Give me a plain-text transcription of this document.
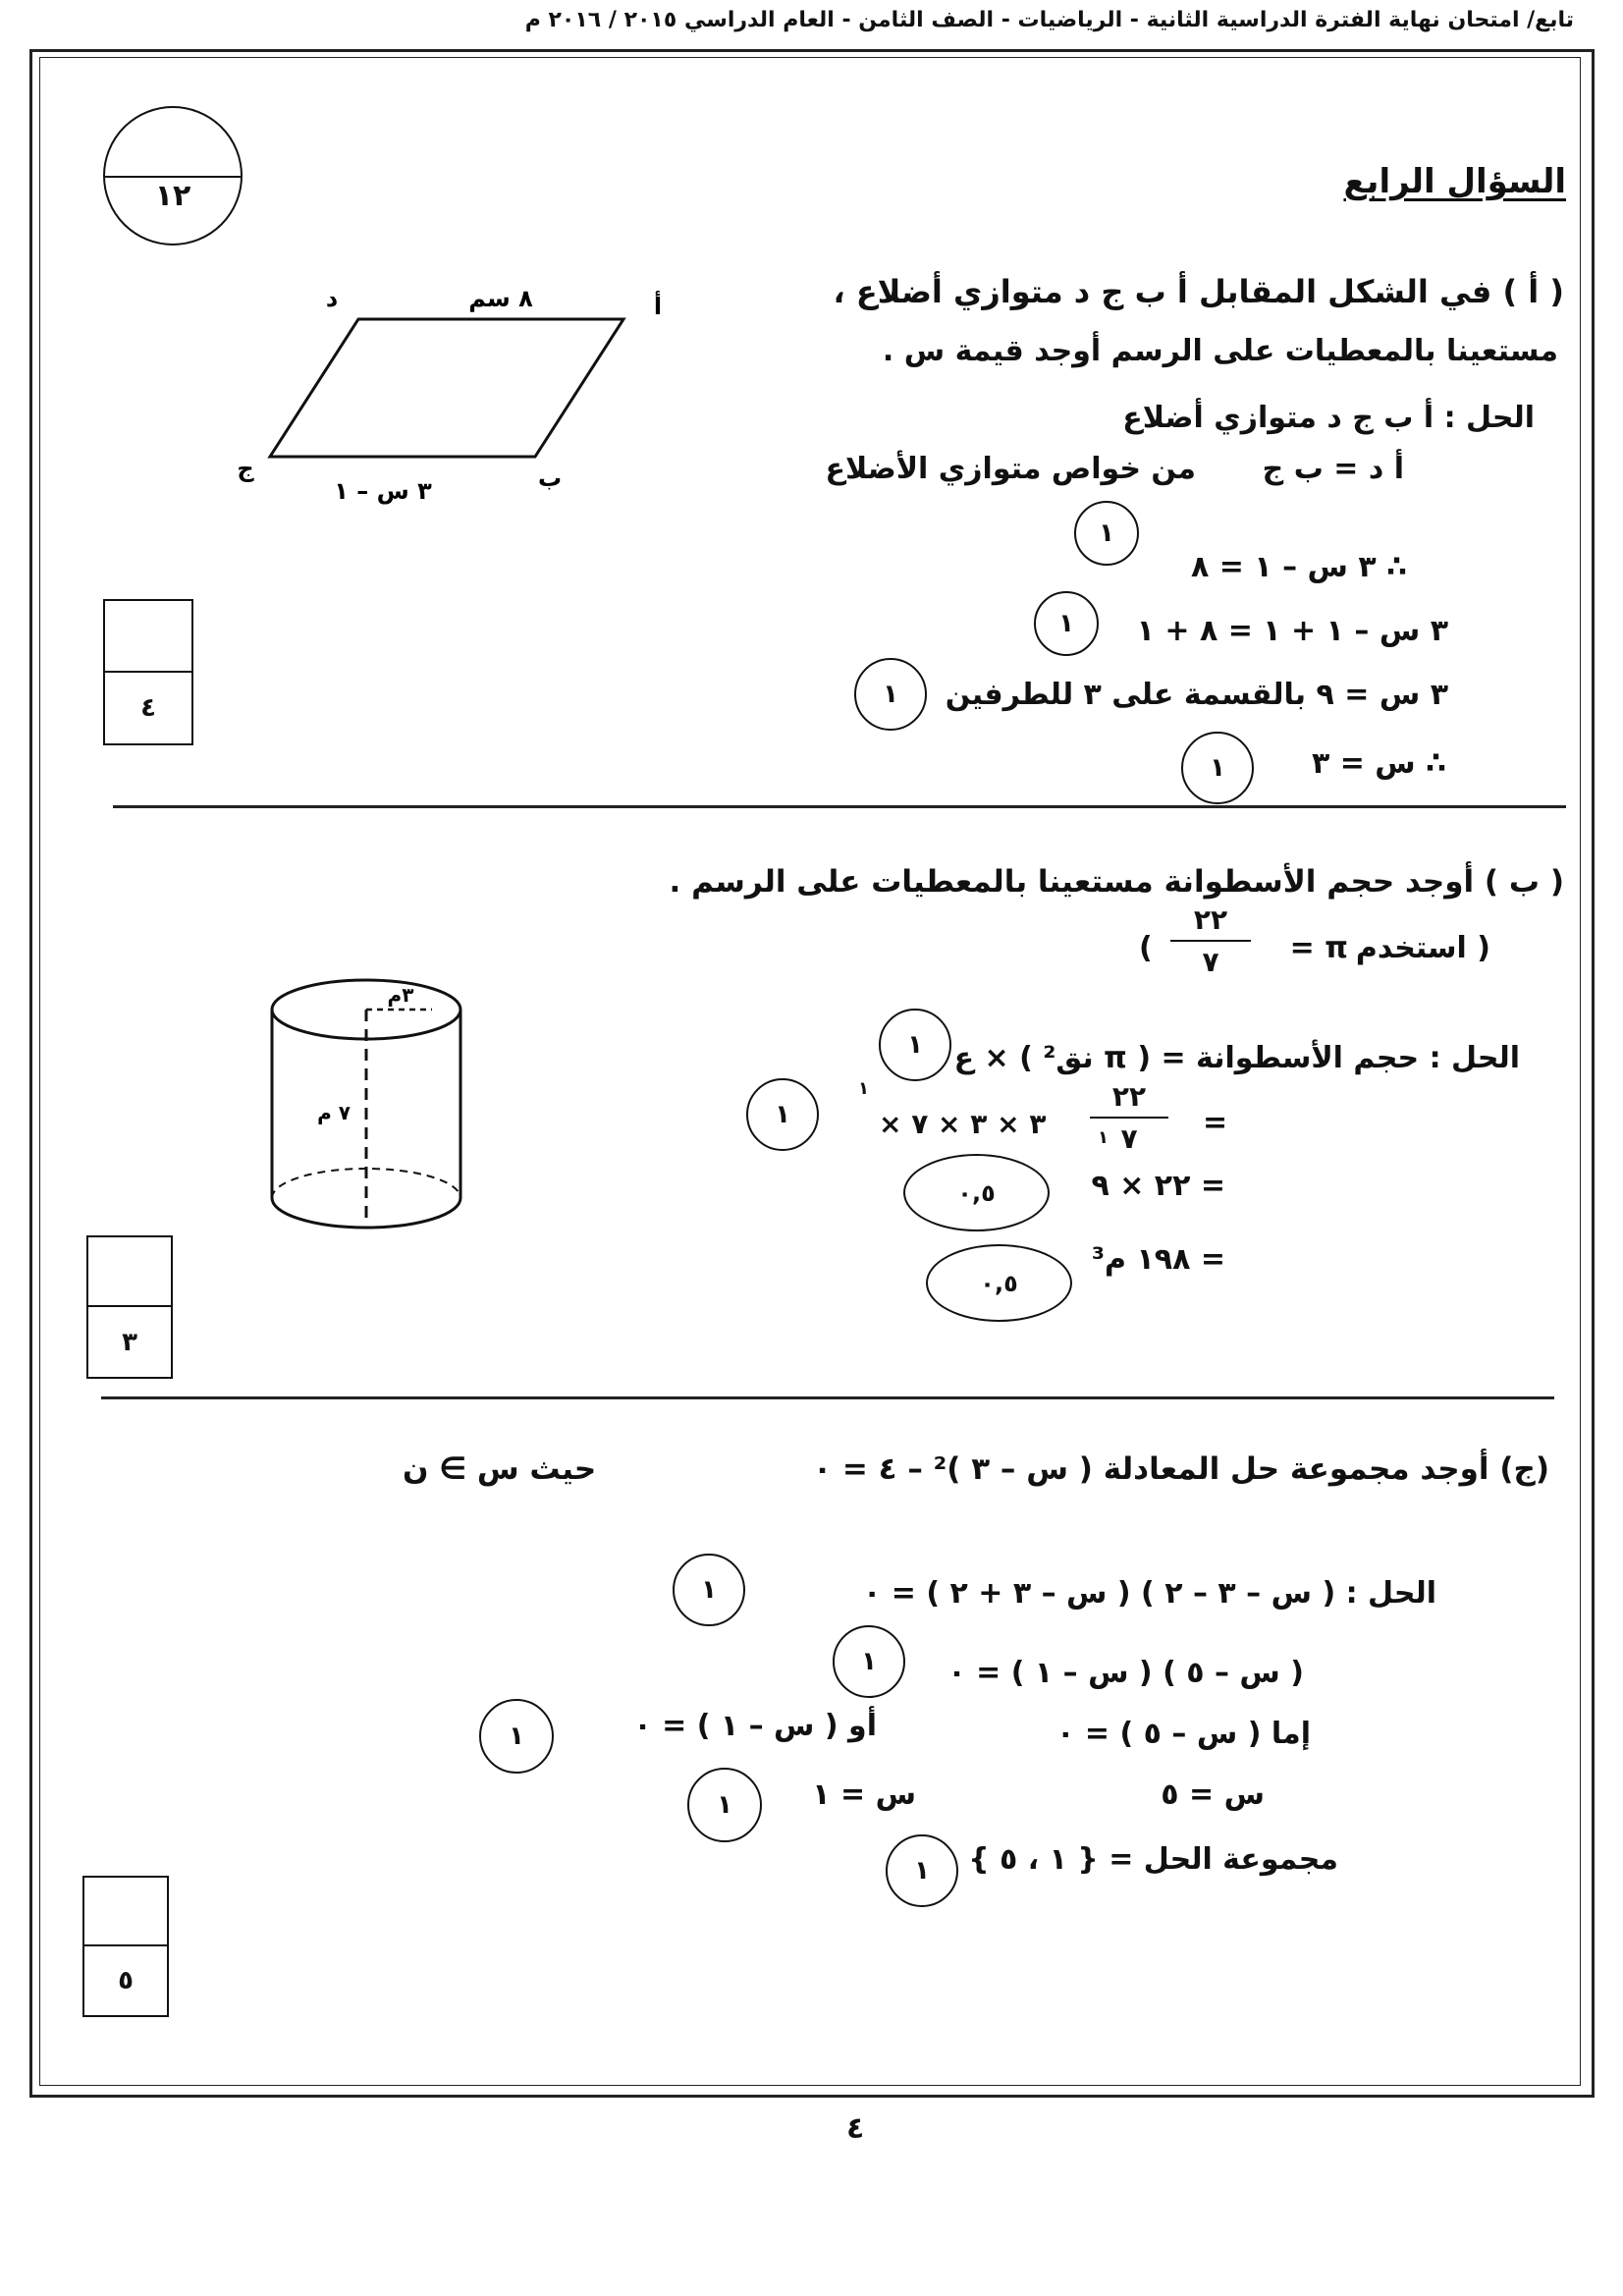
تابع/ امتحان نهاية الفترة الدراسية الثانية - الرياضيات - الصف الثامن - العام الدراسي ٢٠١٥ / ٢٠١٦ م
١٢	السؤال الرابع
( أ ) في الشكل المقابل أ ب ج د متوازي أضلاع ،
مستعينا بالمعطيات على الرسم أوجد قيمة س .
الحل : أ ب ج د متوازي أضلاع
أ د = ب ج
من خواص متوازي الأضلاع
١
∴ ٣ س – ١ = ٨
٣ س – ١ + ١ = ٨ + ١
١
٣ س = ٩ بالقسمة على ٣ للطرفين
١
∴ س = ٣
١
٤
أ
ب
ج
د	٨ سم
٣ س – ١
( ب ) أوجد حجم الأسطوانة مستعينا بالمعطيات على الرسم .
( استخدم
π =
٢٢
٧
)
١	الحل : حجم الأسطوانة = ( π نق² ) × ع
١	× ٣ × ٣ × ٧
١	٢٢
٧
١	=
٠,٥	= ٢٢ × ٩
٠,٥
= ١٩٨ م³
٣
٣م
٧ م
(ج) أوجد مجموعة حل المعادلة ( س – ٣ )² – ٤ = ٠
حيث س ∋ ن
الحل : ( س – ٣ – ٢ ) ( س – ٣ + ٢ ) = ٠
١
( س – ٥ ) ( س – ١ ) = ٠
١
إما ( س – ٥ ) = ٠
أو ( س – ١ ) = ٠
١
س = ٥
س = ١
١
مجموعة الحل = { ١ ، ٥ }
١
٥
٤
